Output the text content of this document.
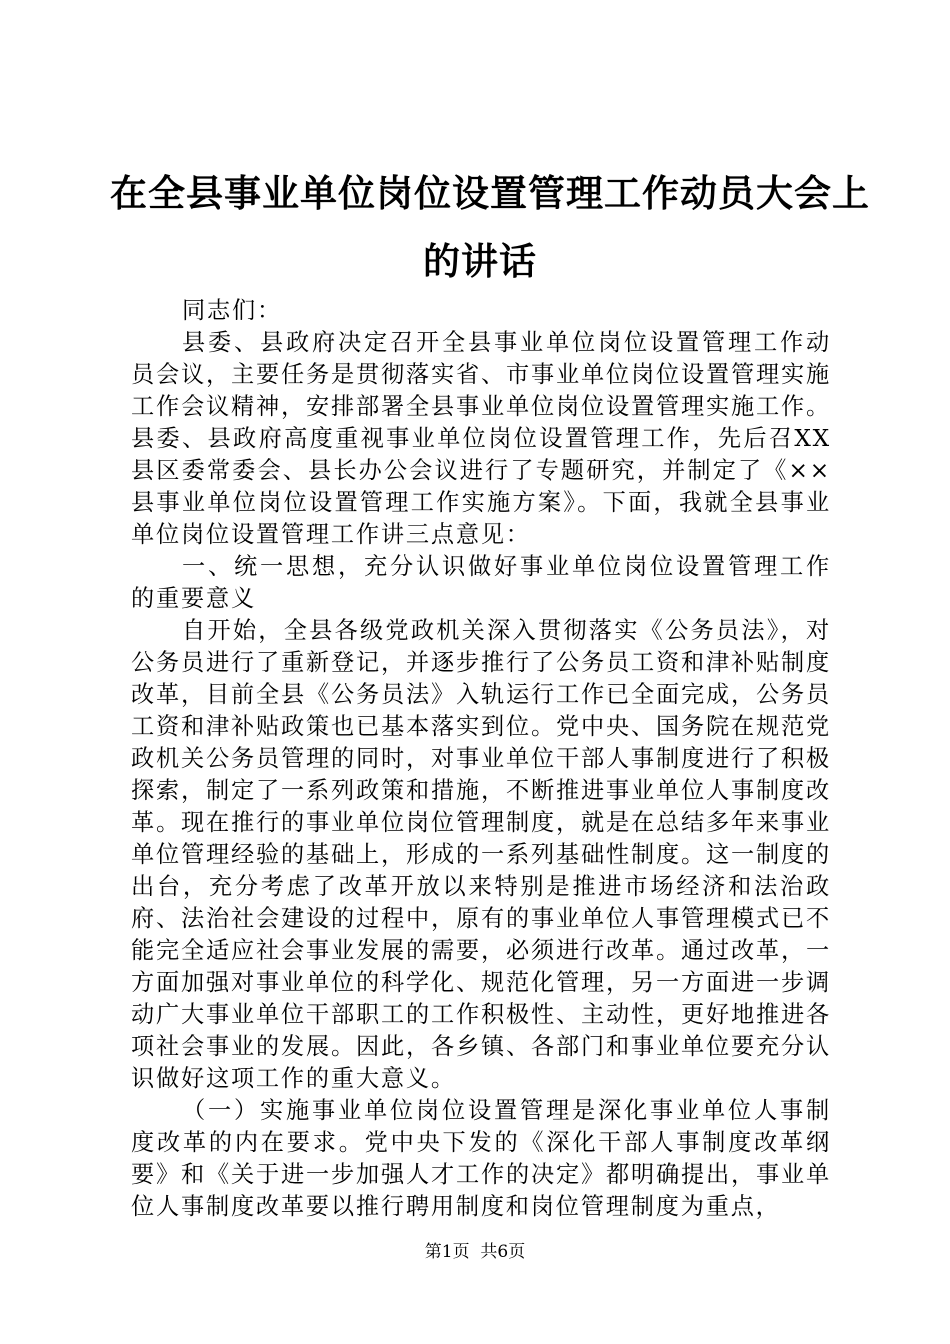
在全县事业单位岗位设置管理工作动员大会上
的讲话

同志们：

县委、县政府决定召开全县事业单位岗位设置管理工作动员会议，主要任务是贯彻落实省、市事业单位岗位设置管理实施工作会议精神，安排部署全县事业单位岗位设置管理实施工作。县委、县政府高度重视事业单位岗位设置管理工作，先后召XX县区委常委会、县长办公会议进行了专题研究，并制定了《××县事业单位岗位设置管理工作实施方案》。下面，我就全县事业单位岗位设置管理工作讲三点意见：

一、统一思想，充分认识做好事业单位岗位设置管理工作的重要意义

自开始，全县各级党政机关深入贯彻落实《公务员法》，对公务员进行了重新登记，并逐步推行了公务员工资和津补贴制度改革，目前全县《公务员法》入轨运行工作已全面完成，公务员工资和津补贴政策也已基本落实到位。党中央、国务院在规范党政机关公务员管理的同时，对事业单位干部人事制度进行了积极探索，制定了一系列政策和措施，不断推进事业单位人事制度改革。现在推行的事业单位岗位管理制度，就是在总结多年来事业单位管理经验的基础上，形成的一系列基础性制度。这一制度的出台，充分考虑了改革开放以来特别是推进市场经济和法治政府、法治社会建设的过程中，原有的事业单位人事管理模式已不能完全适应社会事业发展的需要，必须进行改革。通过改革，一方面加强对事业单位的科学化、规范化管理，另一方面进一步调动广大事业单位干部职工的工作积极性、主动性，更好地推进各项社会事业的发展。因此，各乡镇、各部门和事业单位要充分认识做好这项工作的重大意义。

（一）实施事业单位岗位设置管理是深化事业单位人事制度改革的内在要求。党中央下发的《深化干部人事制度改革纲要》和《关于进一步加强人才工作的决定》都明确提出，事业单位人事制度改革要以推行聘用制度和岗位管理制度为重点，

第1页  共6页
